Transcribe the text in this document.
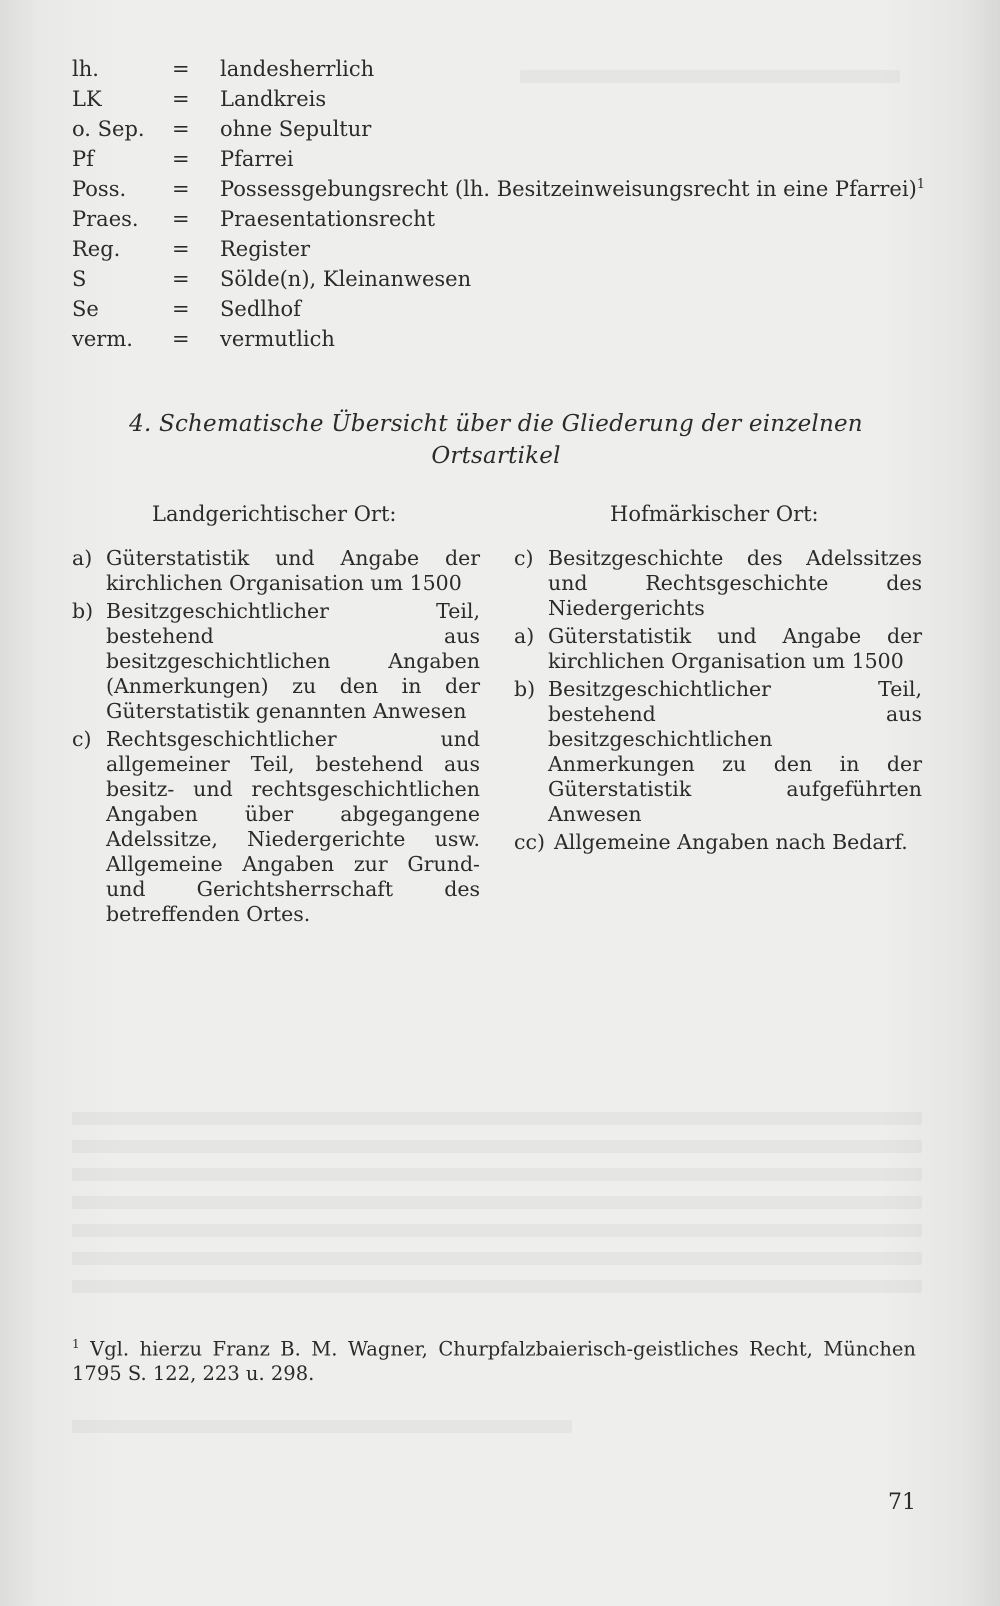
lh.	=	landesherrlich
LK	=	Landkreis
o. Sep.	=	ohne Sepultur
Pf	=	Pfarrei
Poss.	=	Possessgebungsrecht (lh. Besitzeinweisungsrecht in eine Pfarrei)$^1$
Praes.	=	Praesentationsrecht
Reg.	=	Register
S	=	Sölde(n), Kleinanwesen
Se	=	Sedlhof
verm.	=	vermutlich
4. Schematische Übersicht über die Gliederung der einzelnen
Ortsartikel
Landgerichtischer Ort:	Hofmärkischer Ort:
a) Güterstatistik und Angabe der kirchlichen Organisation um 1500
b) Besitzgeschichtlicher Teil, bestehend aus besitzgeschichtlichen Angaben (Anmerkungen) zu den in der Güterstatistik genannten Anwesen
c) Rechtsgeschichtlicher und allgemeiner Teil, bestehend aus besitz- und rechtsgeschichtlichen Angaben über abgegangene Adelssitze, Niedergerichte usw. Allgemeine Angaben zur Grund- und Gerichtsherrschaft des betreffenden Ortes.
c) Besitzgeschichte des Adelssitzes und Rechtsgeschichte des Niedergerichts
a) Güterstatistik und Angabe der kirchlichen Organisation um 1500
b) Besitzgeschichtlicher Teil, bestehend aus besitzgeschichtlichen Anmerkungen zu den in der Güterstatistik aufgeführten Anwesen
cc) Allgemeine Angaben nach Bedarf.
$^1$ Vgl. hierzu Franz B. M. Wagner, Churpfalzbaierisch-geistliches Recht, München 1795 S. 122, 223 u. 298.
71
